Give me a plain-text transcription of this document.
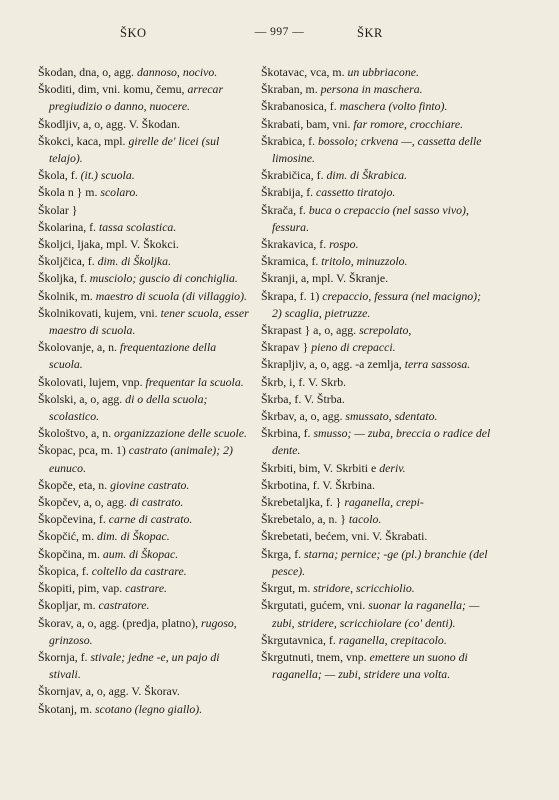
ŠKO	— 997 —	ŠKR

Škodan, dna, o, agg. dannoso, nocivo.

Škoditi, dim, vni. komu, čemu, arrecar pregiudizio o danno, nuocere.

Škodljiv, a, o, agg. V. Škodan.

Škokci, kaca, mpl. girelle de' licei (sul telajo).

Škola, f. (it.) scuola.

Škola n } m. scolaro.

Školar }

Školarina, f. tassa scolastica.

Školjci, ljaka, mpl. V. Škokci.

Školjčica, f. dim. di Školjka.

Školjka, f. musciolo; guscio di conchiglia.

Školnik, m. maestro di scuola (di villaggio).

Školnikovati, kujem, vni. tener scuola, esser maestro di scuola.

Školovanje, a, n. frequentazione della scuola.

Školovati, lujem, vnp. frequentar la scuola.

Školski, a, o, agg. di o della scuola; scolastico.

Škološtvo, a, n. organizzazione delle scuole.

Škopac, pca, m. 1) castrato (animale); 2) eunuco.

Škopče, eta, n. giovine castrato.

Škopčev, a, o, agg. di castrato.

Škopčevina, f. carne di castrato.

Škopčić, m. dim. di Škopac.

Škopčina, m. aum. di Škopac.

Škopica, f. coltello da castrare.

Škopiti, pim, vap. castrare.

Škopljar, m. castratore.

Škorav, a, o, agg. (predja, platno), rugoso, grinzoso.

Škornja, f. stivale; jedne -e, un pajo di stivali.

Škornjav, a, o, agg. V. Škorav.

Škotanj, m. scotano (legno giallo).

Škotavac, vca, m. un ubbriacone.

Škraban, m. persona in maschera.

Škrabanosica, f. maschera (volto finto).

Škrabati, bam, vni. far romore, crocchiare.

Škrabica, f. bossolo; crkvena —, cassetta delle limosine.

Škrabičica, f. dim. di Škrabica.

Škrabija, f. cassetto tiratojo.

Škrača, f. buca o crepaccio (nel sasso vivo), fessura.

Škrakavica, f. rospo.

Škramica, f. tritolo, minuzzolo.

Škranji, a, mpl. V. Škranje.

Škrapa, f. 1) crepaccio, fessura (nel macigno); 2) scaglia, pietruzze.

Škrapast } a, o, agg. screpolato,

Škrapav } pieno di crepacci.

Škrapljiv, a, o, agg. -a zemlja, terra sassosa.

Škrb, i, f. V. Skrb.

Škrba, f. V. Štrba.

Škrbav, a, o, agg. smussato, sdentato.

Škrbina, f. smusso; — zuba, breccia o radice del dente.

Škrbiti, bim, V. Skrbiti e deriv.

Škrbotina, f. V. Škrbina.

Škrebetaljka, f. } raganella, crepi-

Škrebetalo, a, n. } tacolo.

Škrebetati, bećem, vni. V. Škrabati.

Škrga, f. starna; pernice; -ge (pl.) branchie (del pesce).

Škrgut, m. stridore, scricchiolio.

Škrgutati, gućem, vni. suonar la raganella; — zubi, stridere, scricchiolare (co' denti).

Škrgutavnica, f. raganella, crepitacolo.

Škrgutnuti, tnem, vnp. emettere un suono di raganella; — zubi, stridere una volta.
